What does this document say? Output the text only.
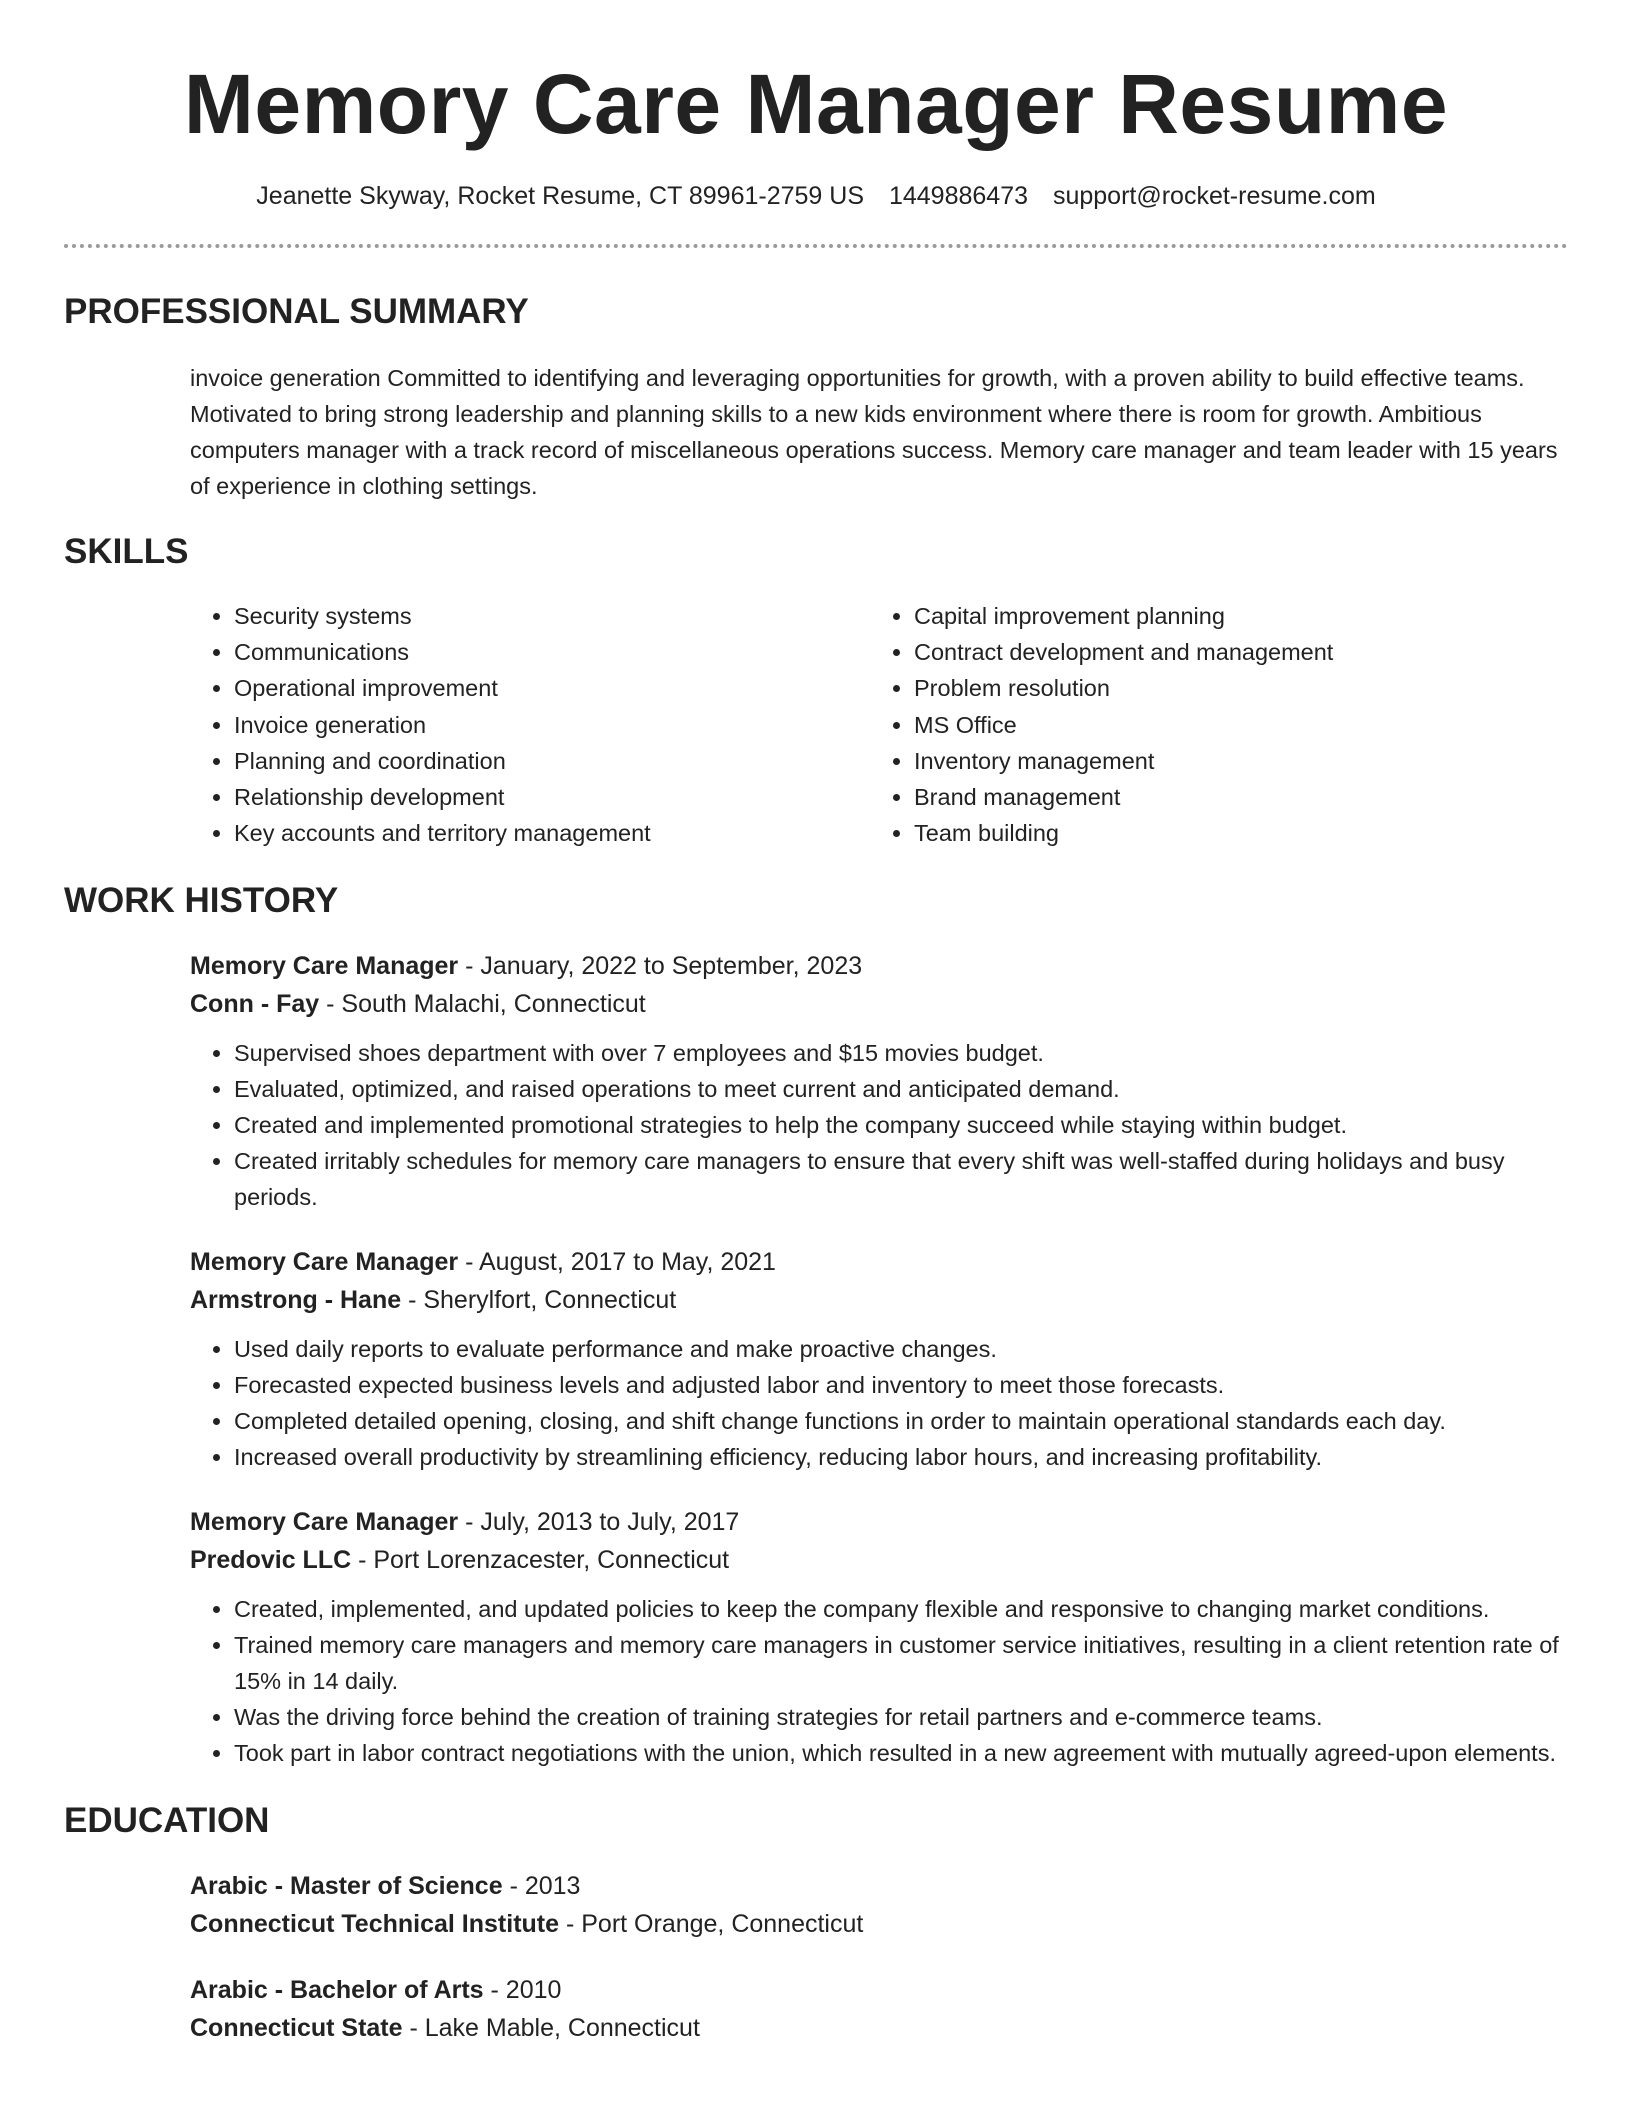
Memory Care Manager Resume
Jeanette Skyway, Rocket Resume, CT 89961-2759 US 1449886473 support@rocket-resume.com
PROFESSIONAL SUMMARY

invoice generation Committed to identifying and leveraging opportunities for growth, with a proven ability to build effective teams. Motivated to bring strong leadership and planning skills to a new kids environment where there is room for growth. Ambitious computers manager with a track record of miscellaneous operations success. Memory care manager and team leader with 15 years of experience in clothing settings.

SKILLS
• Security systems
• Communications
• Operational improvement
• Invoice generation
• Planning and coordination
• Relationship development
• Key accounts and territory management
• Capital improvement planning
• Contract development and management
• Problem resolution
• MS Office
• Inventory management
• Brand management
• Team building
WORK HISTORY
Memory Care Manager - January, 2022 to September, 2023
Conn - Fay - South Malachi, Connecticut
• Supervised shoes department with over 7 employees and $15 movies budget.
• Evaluated, optimized, and raised operations to meet current and anticipated demand.
• Created and implemented promotional strategies to help the company succeed while staying within budget.
• Created irritably schedules for memory care managers to ensure that every shift was well-staffed during holidays and busy periods.
Memory Care Manager - August, 2017 to May, 2021
Armstrong - Hane - Sherylfort, Connecticut
• Used daily reports to evaluate performance and make proactive changes.
• Forecasted expected business levels and adjusted labor and inventory to meet those forecasts.
• Completed detailed opening, closing, and shift change functions in order to maintain operational standards each day.
• Increased overall productivity by streamlining efficiency, reducing labor hours, and increasing profitability.
Memory Care Manager - July, 2013 to July, 2017
Predovic LLC - Port Lorenzacester, Connecticut
• Created, implemented, and updated policies to keep the company flexible and responsive to changing market conditions.
• Trained memory care managers and memory care managers in customer service initiatives, resulting in a client retention rate of 15% in 14 daily.
• Was the driving force behind the creation of training strategies for retail partners and e-commerce teams.
• Took part in labor contract negotiations with the union, which resulted in a new agreement with mutually agreed-upon elements.
EDUCATION
Arabic - Master of Science - 2013
Connecticut Technical Institute - Port Orange, Connecticut
Arabic - Bachelor of Arts - 2010
Connecticut State - Lake Mable, Connecticut
